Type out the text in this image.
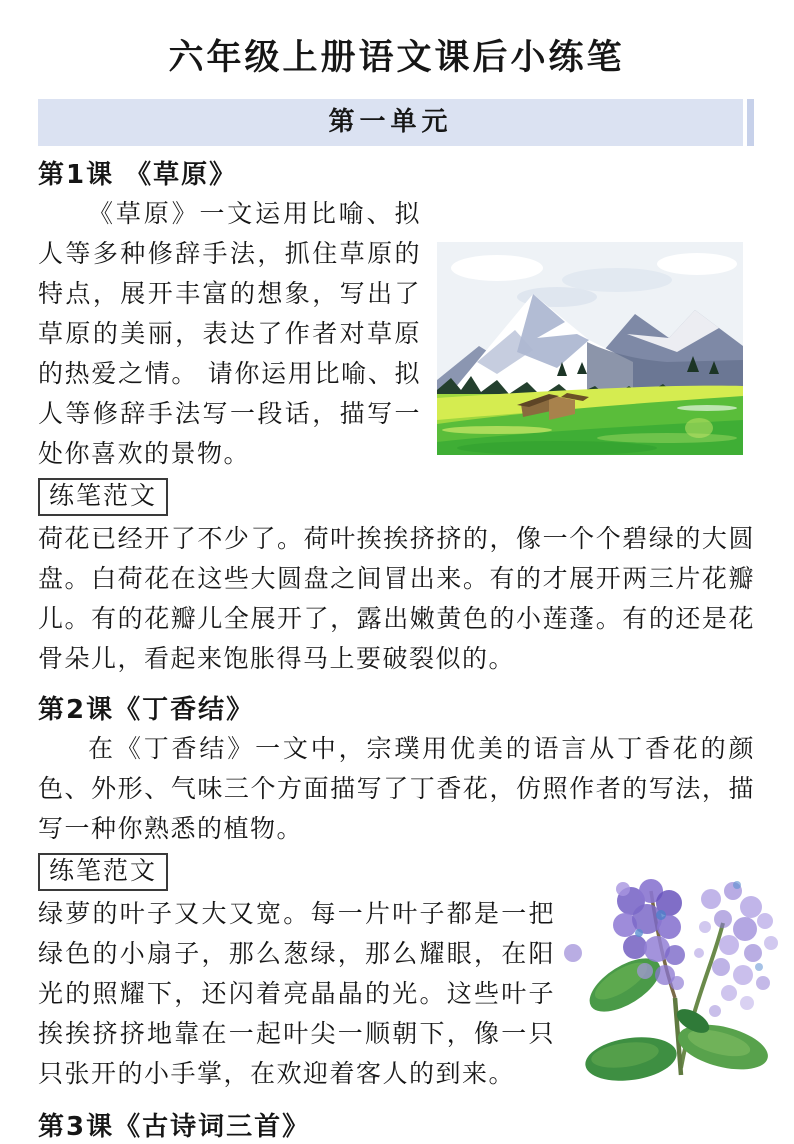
六年级上册语文课后小练笔
第一单元
第1课 《草原》

《草原》一文运用比喻、拟人等多种修辞手法，抓住草原的特点，展开丰富的想象，写出了草原的美丽，表达了作者对草原的热爱之情。 请你运用比喻、拟人等修辞手法写一段话，描写一处你喜欢的景物。

练笔范文

荷花已经开了不少了。荷叶挨挨挤挤的，像一个个碧绿的大圆盘。白荷花在这些大圆盘之间冒出来。有的才展开两三片花瓣儿。有的花瓣儿全展开了，露出嫩黄色的小莲蓬。有的还是花骨朵儿，看起来饱胀得马上要破裂似的。

第2课《丁香结》

在《丁香结》一文中，宗璞用优美的语言从丁香花的颜色、外形、气味三个方面描写了丁香花，仿照作者的写法，描写一种你熟悉的植物。

练笔范文

绿萝的叶子又大又宽。每一片叶子都是一把绿色的小扇子，那么葱绿，那么耀眼，在阳光的照耀下，还闪着亮晶晶的光。这些叶子挨挨挤挤地靠在一起叶尖一顺朝下，像一只只张开的小手掌，在欢迎着客人的到来。

第3课《古诗词三首》
